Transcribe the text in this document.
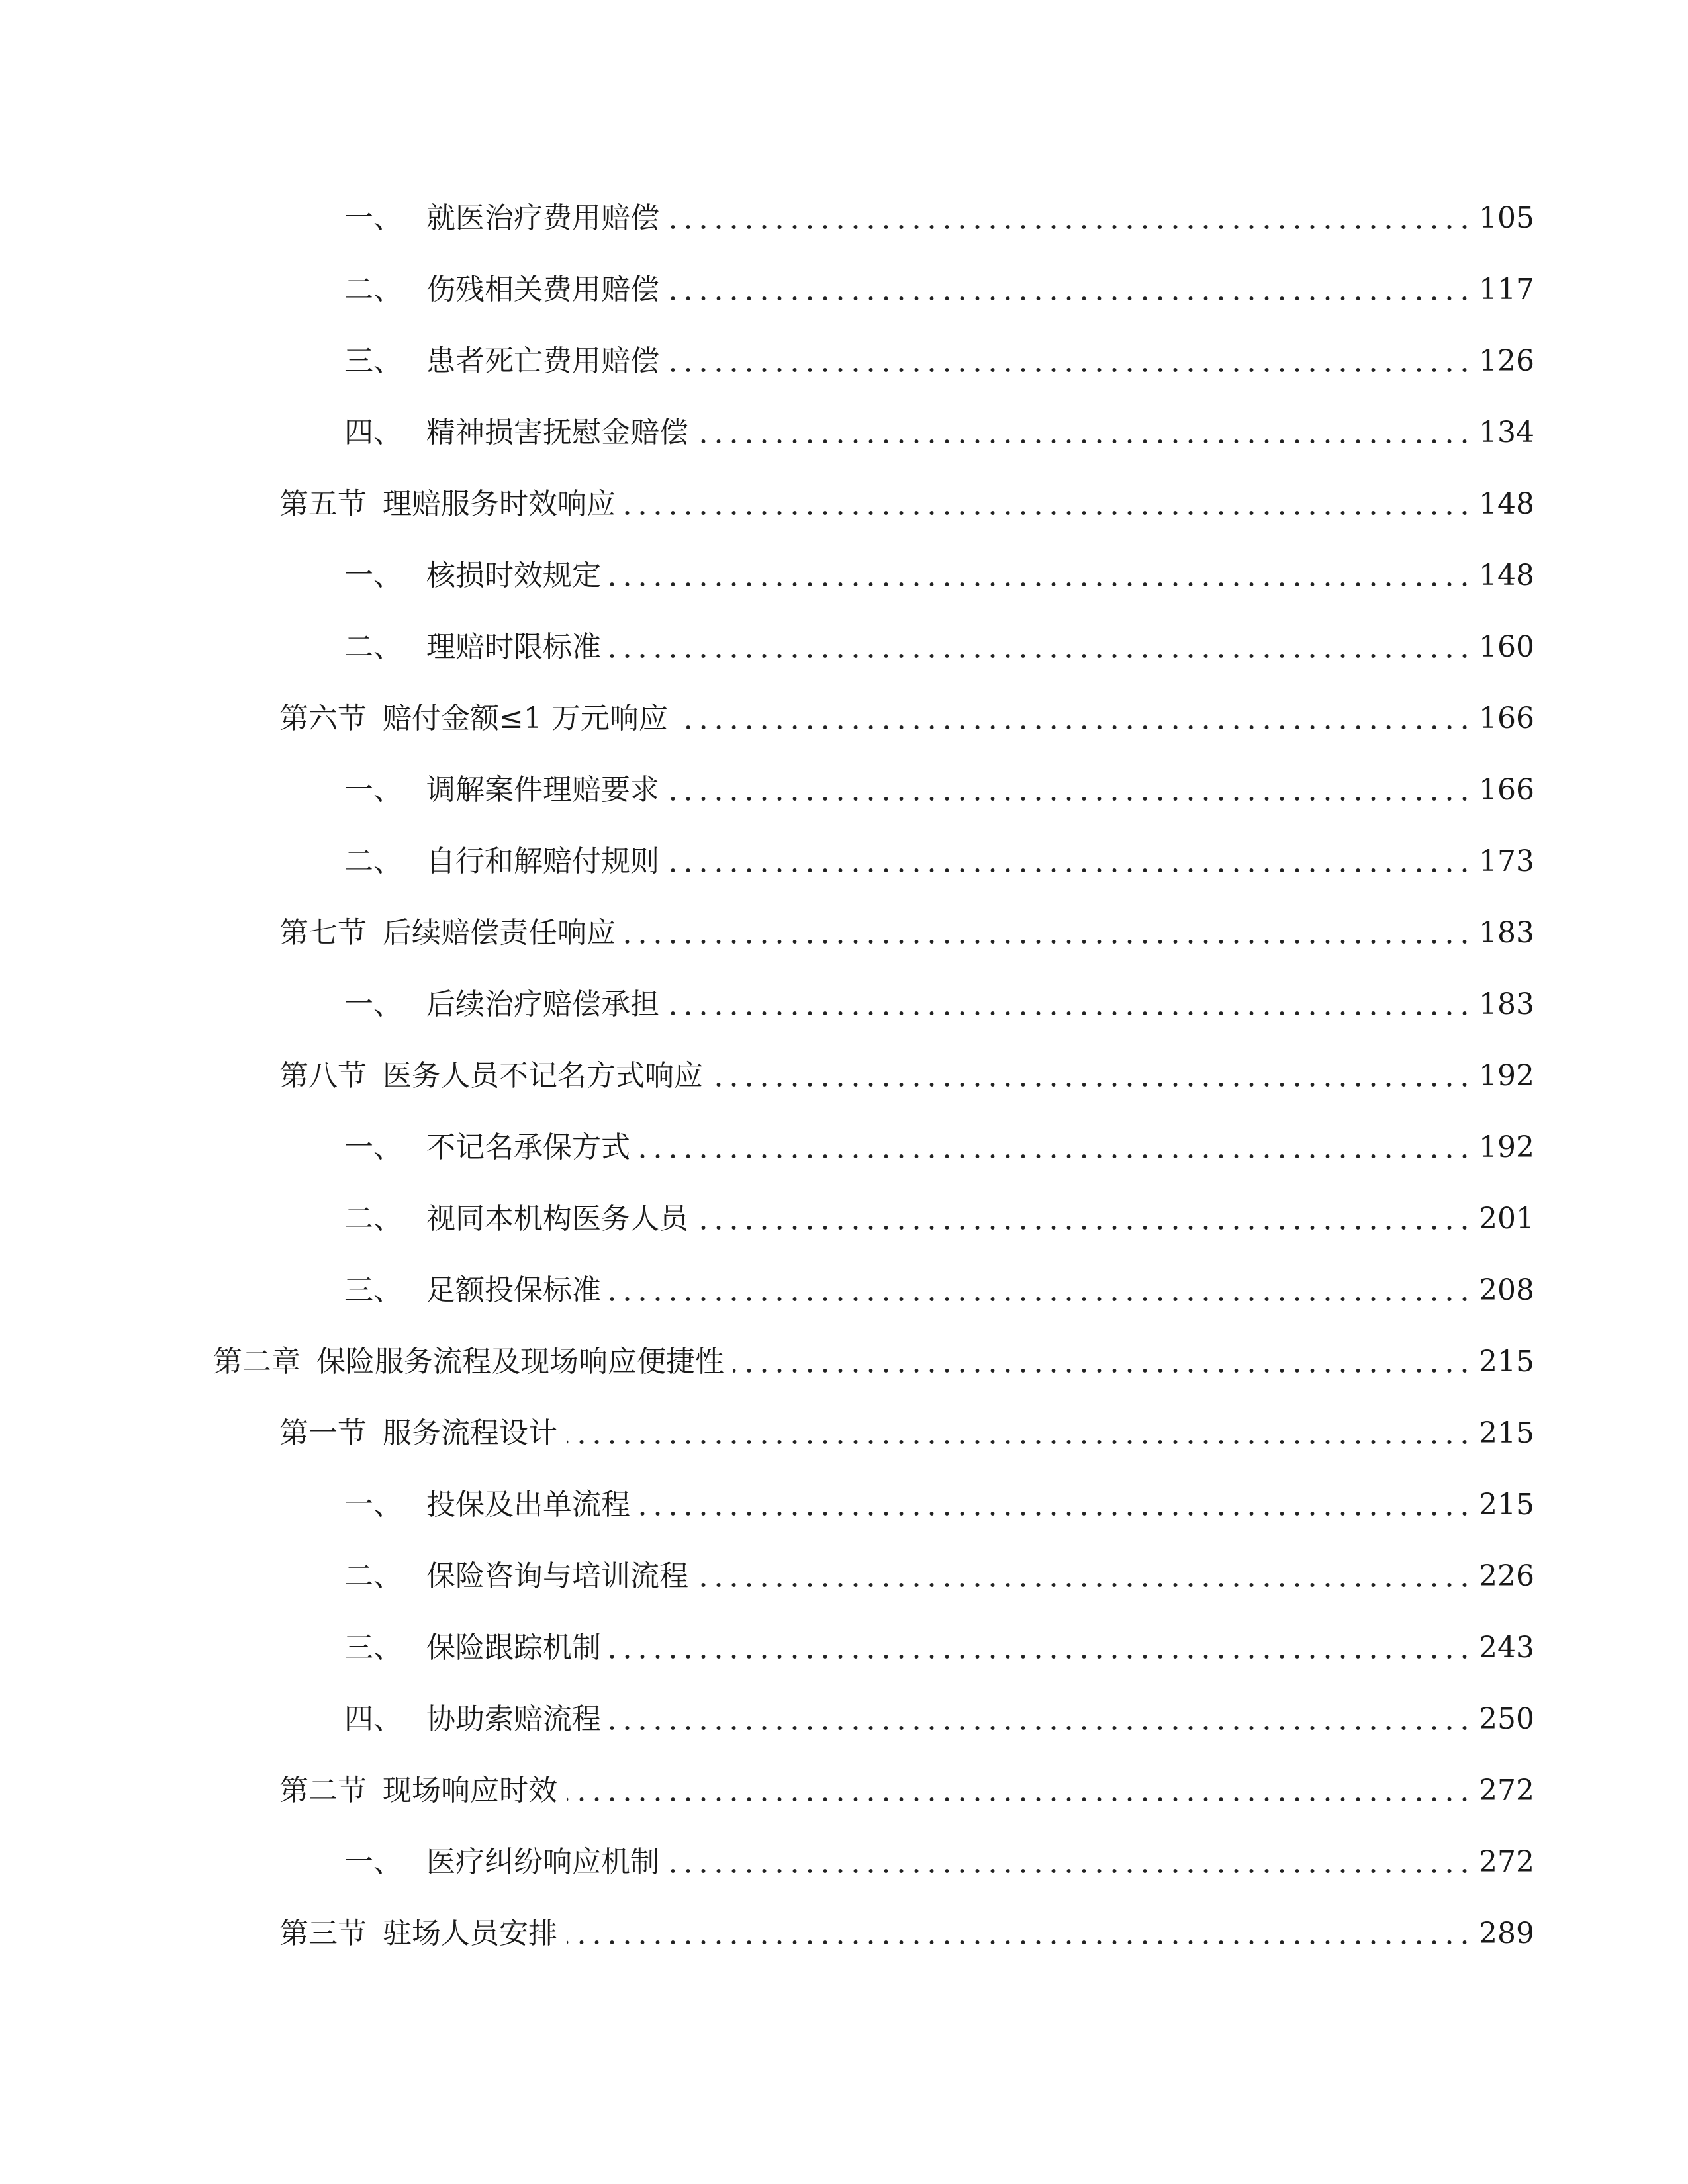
一、 就医治疗费用赔偿	105
二、 伤残相关费用赔偿	117
三、 患者死亡费用赔偿	126
四、 精神损害抚慰金赔偿	134
第五节 理赔服务时效响应	148
一、 核损时效规定	148
二、 理赔时限标准	160
第六节 赔付金额≤1 万元响应	166
一、 调解案件理赔要求	166
二、 自行和解赔付规则	173
第七节 后续赔偿责任响应	183
一、 后续治疗赔偿承担	183
第八节 医务人员不记名方式响应	192
一、 不记名承保方式	192
二、 视同本机构医务人员	201
三、 足额投保标准	208
第二章 保险服务流程及现场响应便捷性	215
第一节 服务流程设计	215
一、 投保及出单流程	215
二、 保险咨询与培训流程	226
三、 保险跟踪机制	243
四、 协助索赔流程	250
第二节 现场响应时效	272
一、 医疗纠纷响应机制	272
第三节 驻场人员安排	289
